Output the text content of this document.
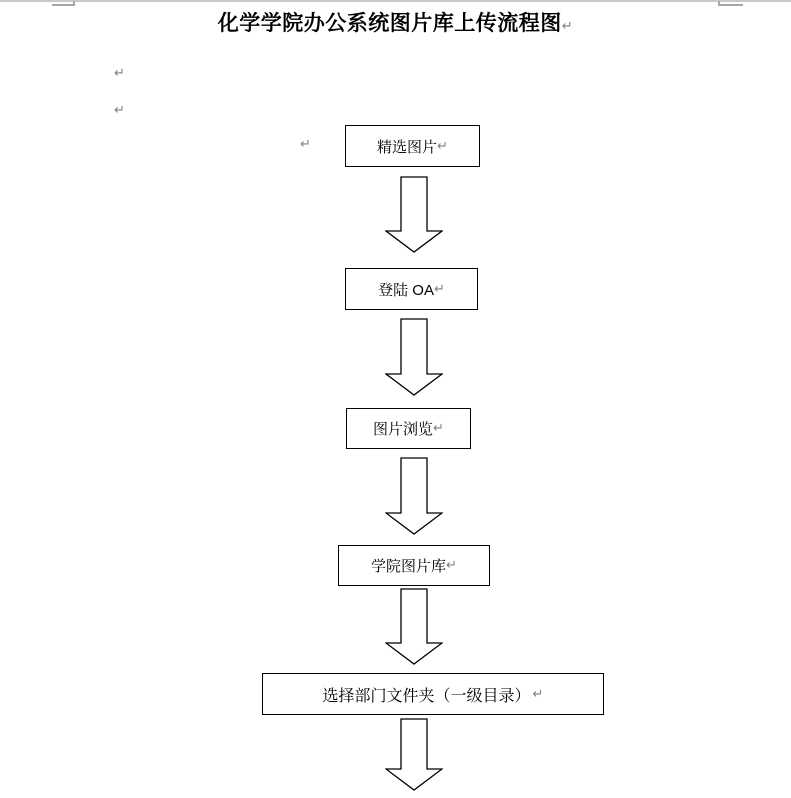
化学学院办公系统图片库上传流程图↵
↵
↵
↵	精选图片 ↵
登陆 OA ↵
图片浏览 ↵
学院图片库 ↵
选择部门文件夹（一级目录） ↵
